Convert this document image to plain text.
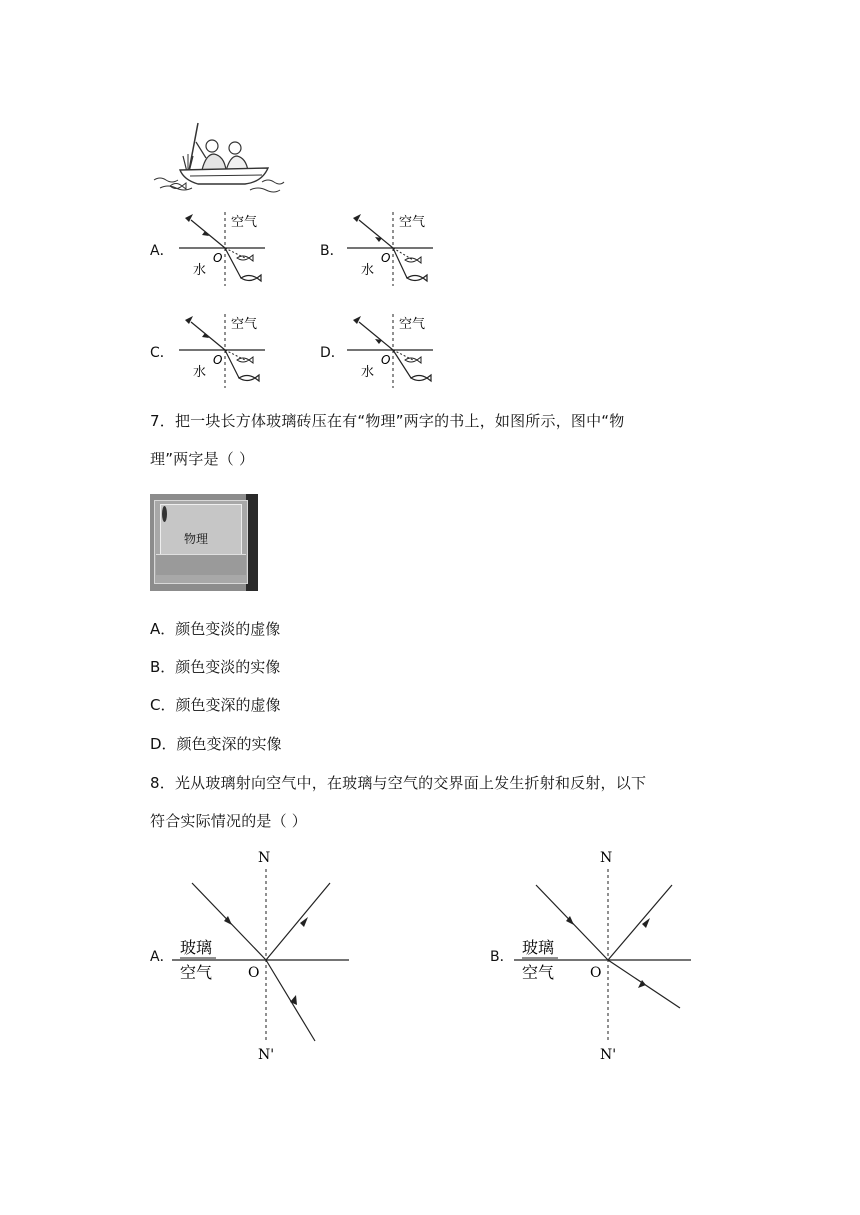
A．
空气
水
O	B．
空气
水
O
C．
空气
水
O	D．
空气
水
O
7．把一块长方体玻璃砖压在有“物理”两字的书上，如图所示，图中“物
理”两字是（ ）
物理
A．颜色变淡的虚像
B．颜色变淡的实像
C．颜色变深的虚像
D．颜色变深的实像
8．光从玻璃射向空气中，在玻璃与空气的交界面上发生折射和反射，以下
符合实际情况的是（ ）
A．
N
N'
玻璃
空气	O
B．
N
N'
玻璃
空气	O
